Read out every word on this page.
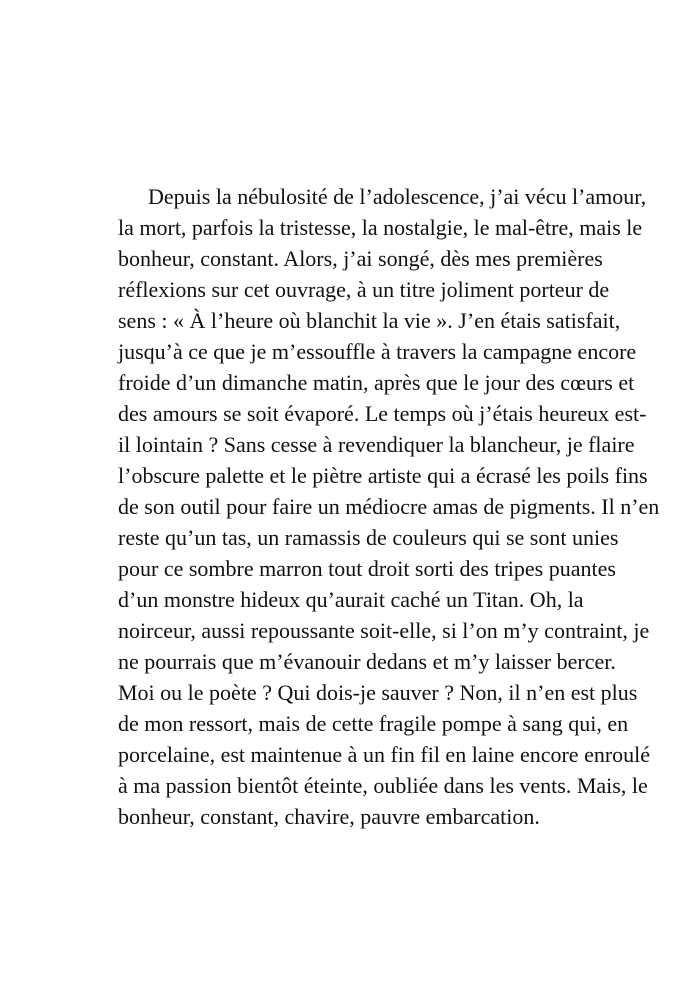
Depuis la nébulosité de l’adolescence, j’ai vécu l’amour,
la mort, parfois la tristesse, la nostalgie, le mal-être, mais le
bonheur, constant. Alors, j’ai songé, dès mes premières
réflexions sur cet ouvrage, à un titre joliment porteur de
sens : « À l’heure où blanchit la vie ». J’en étais satisfait,
jusqu’à ce que je m’essouffle à travers la campagne encore
froide d’un dimanche matin, après que le jour des cœurs et
des amours se soit évaporé. Le temps où j’étais heureux est-
il lointain ? Sans cesse à revendiquer la blancheur, je flaire
l’obscure palette et le piètre artiste qui a écrasé les poils fins
de son outil pour faire un médiocre amas de pigments. Il n’en
reste qu’un tas, un ramassis de couleurs qui se sont unies
pour ce sombre marron tout droit sorti des tripes puantes
d’un monstre hideux qu’aurait caché un Titan. Oh, la
noirceur, aussi repoussante soit-elle, si l’on m’y contraint, je
ne pourrais que m’évanouir dedans et m’y laisser bercer.
Moi ou le poète ? Qui dois-je sauver ? Non, il n’en est plus
de mon ressort, mais de cette fragile pompe à sang qui, en
porcelaine, est maintenue à un fin fil en laine encore enroulé
à ma passion bientôt éteinte, oubliée dans les vents. Mais, le
bonheur, constant, chavire, pauvre embarcation.
